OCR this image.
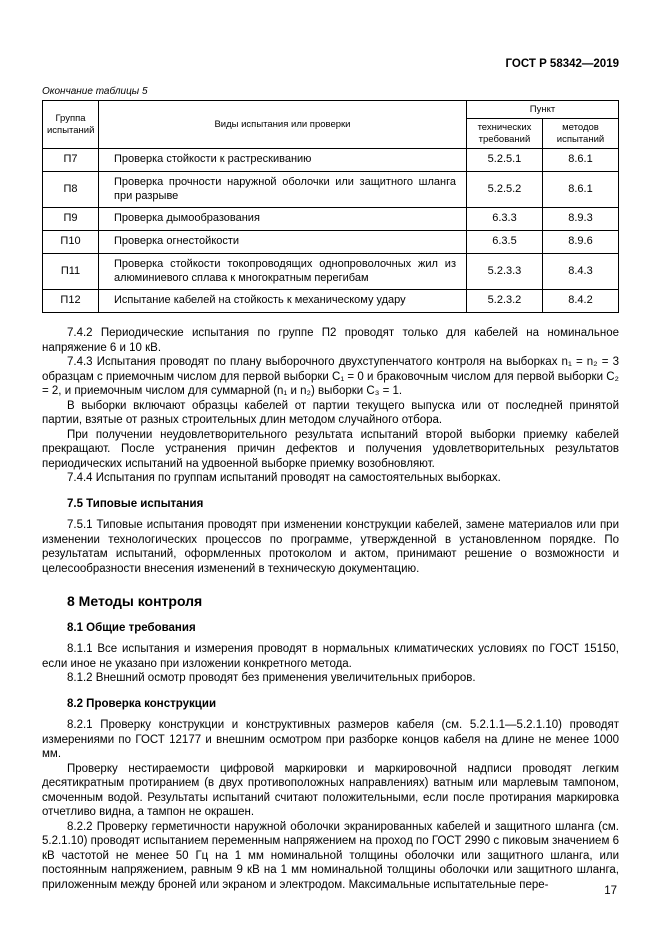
ГОСТ Р 58342—2019
Окончание таблицы 5
Группа испытаний	Виды испытания или проверки	Пункт	
		технических требований	методов испытаний
П7	Проверка стойкости к растрескиванию	5.2.5.1	8.6.1
П8	Проверка прочности наружной оболочки или защитного шланга при разрыве	5.2.5.2	8.6.1
П9	Проверка дымообразования	6.3.3	8.9.3
П10	Проверка огнестойкости	6.3.5	8.9.6
П11	Проверка стойкости токопроводящих однопроволочных жил из алюминиевого сплава к многократным перегибам	5.2.3.3	8.4.3
П12	Испытание кабелей на стойкость к механическому удару	5.2.3.2	8.4.2

7.4.2 Периодические испытания по группе П2 проводят только для кабелей на номинальное напряжение 6 и 10 кВ.

7.4.3 Испытания проводят по плану выборочного двухступенчатого контроля на выборках n₁ = n₂ = 3 образцам с приемочным числом для первой выборки С₁ = 0 и браковочным числом для первой выборки С₂ = 2, и приемочным числом для суммарной (n₁ и n₂) выборки С₃ = 1.

В выборки включают образцы кабелей от партии текущего выпуска или от последней принятой партии, взятые от разных строительных длин методом случайного отбора.

При получении неудовлетворительного результата испытаний второй выборки приемку кабелей прекращают. После устранения причин дефектов и получения удовлетворительных результатов периодических испытаний на удвоенной выборке приемку возобновляют.

7.4.4 Испытания по группам испытаний проводят на самостоятельных выборках.

7.5 Типовые испытания

7.5.1 Типовые испытания проводят при изменении конструкции кабелей, замене материалов или при изменении технологических процессов по программе, утвержденной в установленном порядке. По результатам испытаний, оформленных протоколом и актом, принимают решение о возможности и целесообразности внесения изменений в техническую документацию.

8 Методы контроля
8.1 Общие требования

8.1.1 Все испытания и измерения проводят в нормальных климатических условиях по ГОСТ 15150, если иное не указано при изложении конкретного метода.

8.1.2 Внешний осмотр проводят без применения увеличительных приборов.

8.2 Проверка конструкции

8.2.1 Проверку конструкции и конструктивных размеров кабеля (см. 5.2.1.1—5.2.1.10) проводят измерениями по ГОСТ 12177 и внешним осмотром при разборке концов кабеля на длине не менее 1000 мм.

Проверку нестираемости цифровой маркировки и маркировочной надписи проводят легким десятикратным протиранием (в двух противоположных направлениях) ватным или марлевым тампоном, смоченным водой. Результаты испытаний считают положительными, если после протирания маркировка отчетливо видна, а тампон не окрашен.

8.2.2 Проверку герметичности наружной оболочки экранированных кабелей и защитного шланга (см. 5.2.1.10) проводят испытанием переменным напряжением на проход по ГОСТ 2990 с пиковым значением 6 кВ частотой не менее 50 Гц на 1 мм номинальной толщины оболочки или защитного шланга, или постоянным напряжением, равным 9 кВ на 1 мм номинальной толщины оболочки или защитного шланга, приложенным между броней или экраном и электродом. Максимальные испытательные пере-

17
